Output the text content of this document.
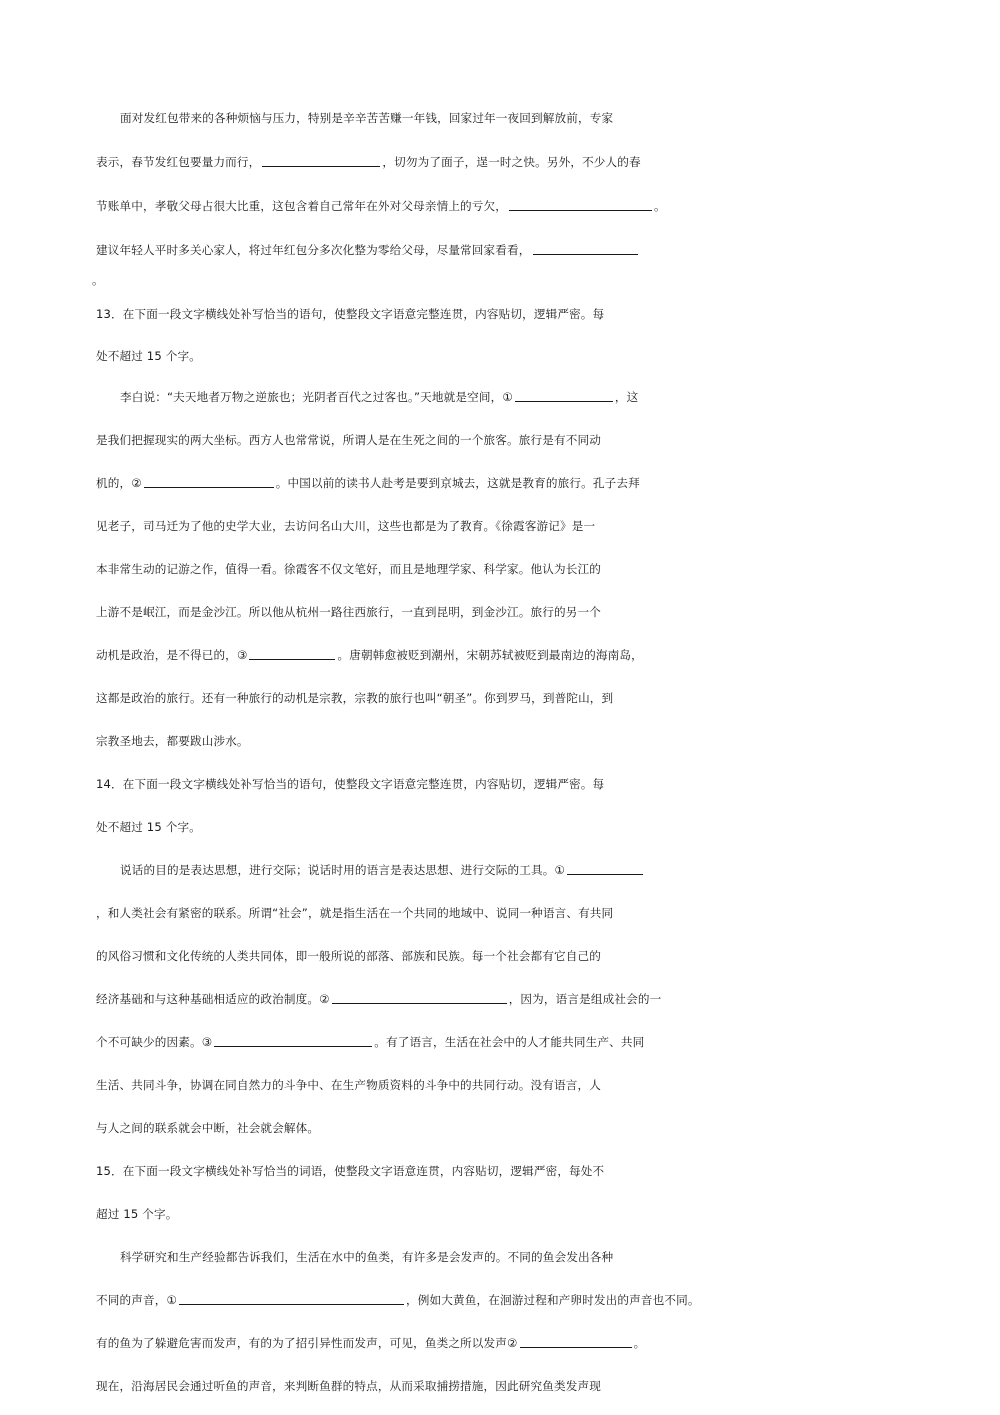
面对发红包带来的各种烦恼与压力，特别是辛辛苦苦赚一年钱，回家过年一夜回到解放前，专家
表示，春节发红包要量力而行，	，切勿为了面子，逞一时之快。另外，不少人的春
节账单中，孝敬父母占很大比重，这包含着自己常年在外对父母亲情上的亏欠，	。
建议年轻人平时多关心家人，将过年红包分多次化整为零给父母，尽量常回家看看，
。
13．在下面一段文字横线处补写恰当的语句，使整段文字语意完整连贯，内容贴切，逻辑严密。每
处不超过 15 个字。
李白说：“夫天地者万物之逆旅也；光阴者百代之过客也。”天地就是空间，①	，这
是我们把握现实的两大坐标。西方人也常常说，所谓人是在生死之间的一个旅客。旅行是有不同动
机的，②	。中国以前的读书人赴考是要到京城去，这就是教育的旅行。孔子去拜
见老子，司马迁为了他的史学大业，去访问名山大川，这些也都是为了教育。《徐霞客游记》是一
本非常生动的记游之作，值得一看。徐霞客不仅文笔好，而且是地理学家、科学家。他认为长江的
上游不是岷江，而是金沙江。所以他从杭州一路往西旅行，一直到昆明，到金沙江。旅行的另一个
动机是政治，是不得已的，③	。唐朝韩愈被贬到潮州，宋朝苏轼被贬到最南边的海南岛，
这都是政治的旅行。还有一种旅行的动机是宗教，宗教的旅行也叫“朝圣”。你到罗马，到普陀山，到
宗教圣地去，都要跋山涉水。
14．在下面一段文字横线处补写恰当的语句，使整段文字语意完整连贯，内容贴切，逻辑严密。每
处不超过 15 个字。
说话的目的是表达思想，进行交际；说话时用的语言是表达思想、进行交际的工具。①
，和人类社会有紧密的联系。所谓“社会”，就是指生活在一个共同的地域中、说同一种语言、有共同
的风俗习惯和文化传统的人类共同体，即一般所说的部落、部族和民族。每一个社会都有它自己的
经济基础和与这种基础相适应的政治制度。②	，因为，语言是组成社会的一
个不可缺少的因素。③	。有了语言，生活在社会中的人才能共同生产、共同
生活、共同斗争，协调在同自然力的斗争中、在生产物质资料的斗争中的共同行动。没有语言，人
与人之间的联系就会中断，社会就会解体。
15．在下面一段文字横线处补写恰当的词语，使整段文字语意连贯，内容贴切，逻辑严密，每处不
超过 15 个字。
科学研究和生产经验都告诉我们，生活在水中的鱼类，有许多是会发声的。不同的鱼会发出各种
不同的声音，①	，例如大黄鱼，在洄游过程和产卵时发出的声音也不同。
有的鱼为了躲避危害而发声，有的为了招引异性而发声，可见，鱼类之所以发声②	。
现在，沿海居民会通过听鱼的声音，来判断鱼群的特点，从而采取捕捞措施，因此研究鱼类发声现
